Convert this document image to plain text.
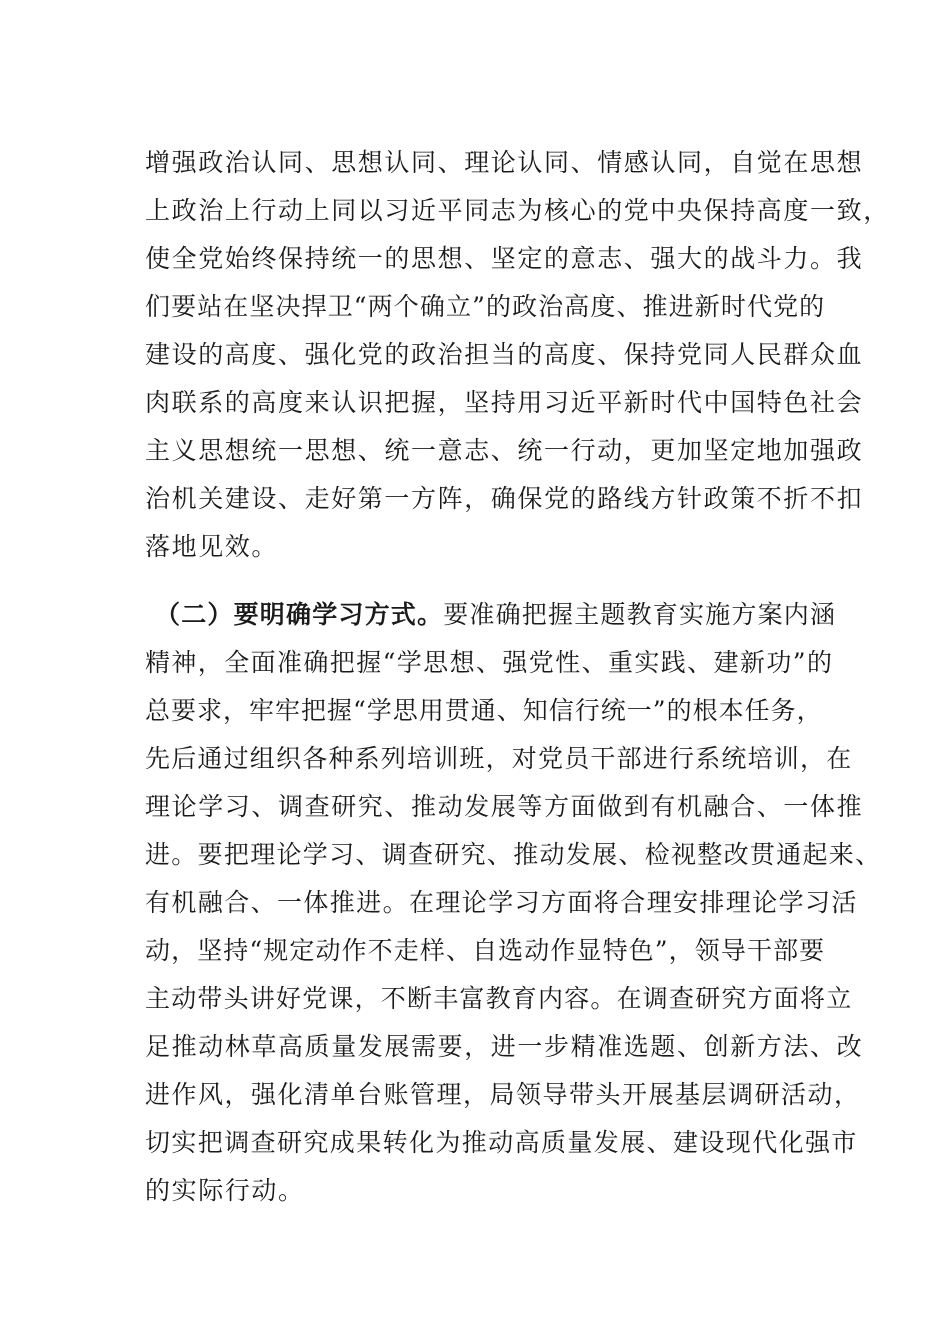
增强政治认同、思想认同、理论认同、情感认同，自觉在思想
上政治上行动上同以习近平同志为核心的党中央保持高度一致，
使全党始终保持统一的思想、坚定的意志、强大的战斗力。我
们要站在坚决捍卫“两个确立”的政治高度、推进新时代党的
建设的高度、强化党的政治担当的高度、保持党同人民群众血
肉联系的高度来认识把握，坚持用习近平新时代中国特色社会
主义思想统一思想、统一意志、统一行动，更加坚定地加强政
治机关建设、走好第一方阵，确保党的路线方针政策不折不扣
落地见效。
（二）要明确学习方式。要准确把握主题教育实施方案内涵
精神，全面准确把握“学思想、强党性、重实践、建新功”的
总要求，牢牢把握“学思用贯通、知信行统一”的根本任务，
先后通过组织各种系列培训班，对党员干部进行系统培训，在
理论学习、调查研究、推动发展等方面做到有机融合、一体推
进。要把理论学习、调查研究、推动发展、检视整改贯通起来、
有机融合、一体推进。在理论学习方面将合理安排理论学习活
动，坚持“规定动作不走样、自选动作显特色”，领导干部要
主动带头讲好党课，不断丰富教育内容。在调查研究方面将立
足推动林草高质量发展需要，进一步精准选题、创新方法、改
进作风，强化清单台账管理，局领导带头开展基层调研活动，
切实把调查研究成果转化为推动高质量发展、建设现代化强市
的实际行动。
